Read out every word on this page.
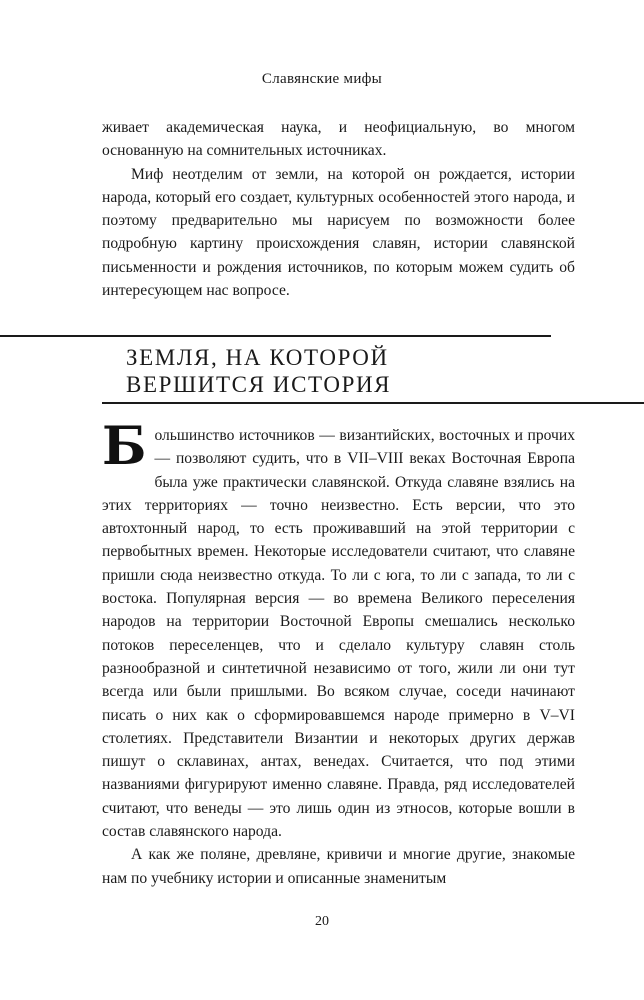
Славянские мифы

живает академическая наука, и неофициальную, во многом основанную на сомнительных источниках.

Миф неотделим от земли, на которой он рождается, истории народа, который его создает, культурных особенностей этого народа, и поэтому предварительно мы нарисуем по возможности более подробную картину происхождения славян, истории славянской письменности и рождения источников, по которым можем судить об интересующем нас вопросе.

ЗЕМЛЯ, НА КОТОРОЙ
ВЕРШИТСЯ ИСТОРИЯ

Большинство источников — византийских, восточных и прочих — позволяют судить, что в VII–VIII веках Восточная Европа была уже практически славянской. Откуда славяне взялись на этих территориях — точно неизвестно. Есть версии, что это автохтонный народ, то есть проживавший на этой территории с первобытных времен. Некоторые исследователи считают, что славяне пришли сюда неизвестно откуда. То ли с юга, то ли с запада, то ли с востока. Популярная версия — во времена Великого переселения народов на территории Восточной Европы смешались несколько потоков переселенцев, что и сделало культуру славян столь разнообразной и синтетичной независимо от того, жили ли они тут всегда или были пришлыми. Во всяком случае, соседи начинают писать о них как о сформировавшемся народе примерно в V–VI столетиях. Представители Византии и некоторых других держав пишут о склавинах, антах, венедах. Считается, что под этими названиями фигурируют именно славяне. Правда, ряд исследователей считают, что венеды — это лишь один из этносов, которые вошли в состав славянского народа.

А как же поляне, древляне, кривичи и многие другие, знакомые нам по учебнику истории и описанные знаменитым

20
